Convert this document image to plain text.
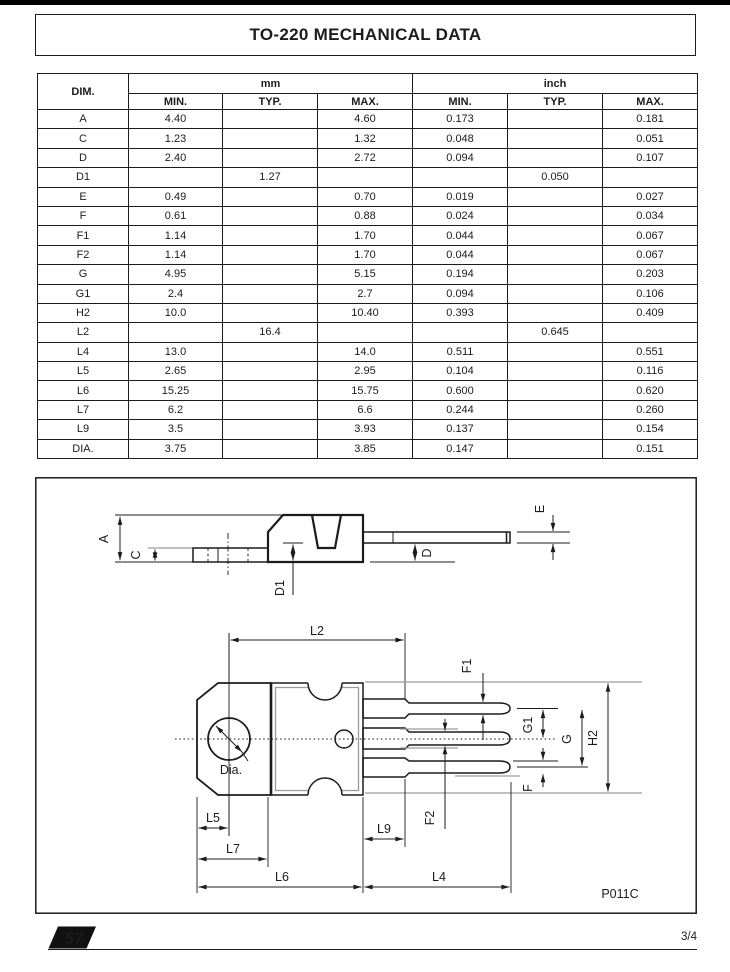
TO-220 MECHANICAL DATA
DIM.	mm			inch		
	MIN.	TYP.	MAX.	MIN.	TYP.	MAX.
A	4.40		4.60	0.173		0.181
C	1.23		1.32	0.048		0.051
D	2.40		2.72	0.094		0.107
D1		1.27			0.050	
E	0.49		0.70	0.019		0.027
F	0.61		0.88	0.024		0.034
F1	1.14		1.70	0.044		0.067
F2	1.14		1.70	0.044		0.067
G	4.95		5.15	0.194		0.203
G1	2.4		2.7	0.094		0.106
H2	10.0		10.40	0.393		0.409
L2		16.4			0.645	
L4	13.0		14.0	0.511		0.551
L5	2.65		2.95	0.104		0.116
L6	15.25		15.75	0.600		0.620
L7	6.2		6.6	0.244		0.260
L9	3.5		3.93	0.137		0.154
DIA.	3.75		3.85	0.147		0.151
A
C
D1
D
E
L2
Dia.
F1
F2
G1
F
G H2
L5
L9
L7
L6	L4
P011C
57	3/4
